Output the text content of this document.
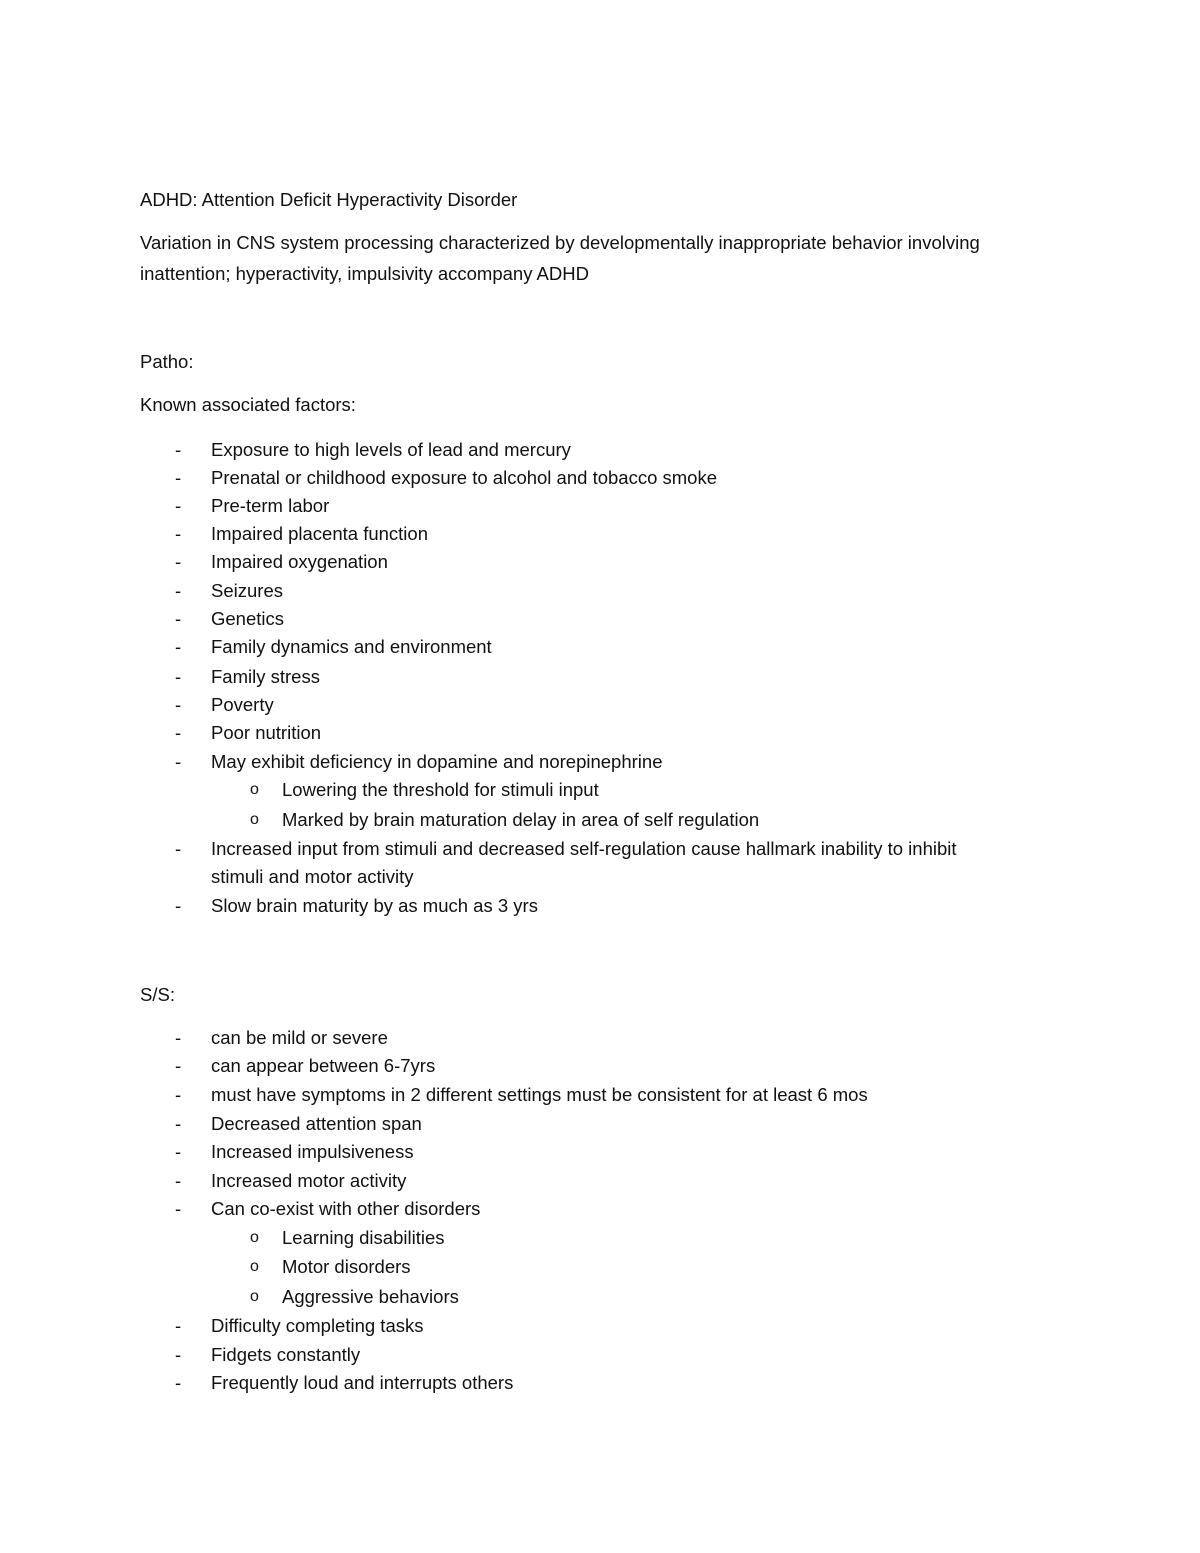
ADHD: Attention Deficit Hyperactivity Disorder
Variation in CNS system processing characterized by developmentally inappropriate behavior involving
inattention; hyperactivity, impulsivity accompany ADHD
Patho:
Known associated factors:
- Exposure to high levels of lead and mercury
- Prenatal or childhood exposure to alcohol and tobacco smoke
- Pre-term labor
- Impaired placenta function
- Impaired oxygenation
- Seizures
- Genetics
- Family dynamics and environment
- Family stress
- Poverty
- Poor nutrition
- May exhibit deficiency in dopamine and norepinephrine
o Lowering the threshold for stimuli input
o Marked by brain maturation delay in area of self regulation
- Increased input from stimuli and decreased self-regulation cause hallmark inability to inhibit
stimuli and motor activity
- Slow brain maturity by as much as 3 yrs
S/S:
- can be mild or severe
- can appear between 6-7yrs
- must have symptoms in 2 different settings must be consistent for at least 6 mos
- Decreased attention span
- Increased impulsiveness
- Increased motor activity
- Can co-exist with other disorders
o Learning disabilities
o Motor disorders
o Aggressive behaviors
- Difficulty completing tasks
- Fidgets constantly
- Frequently loud and interrupts others
